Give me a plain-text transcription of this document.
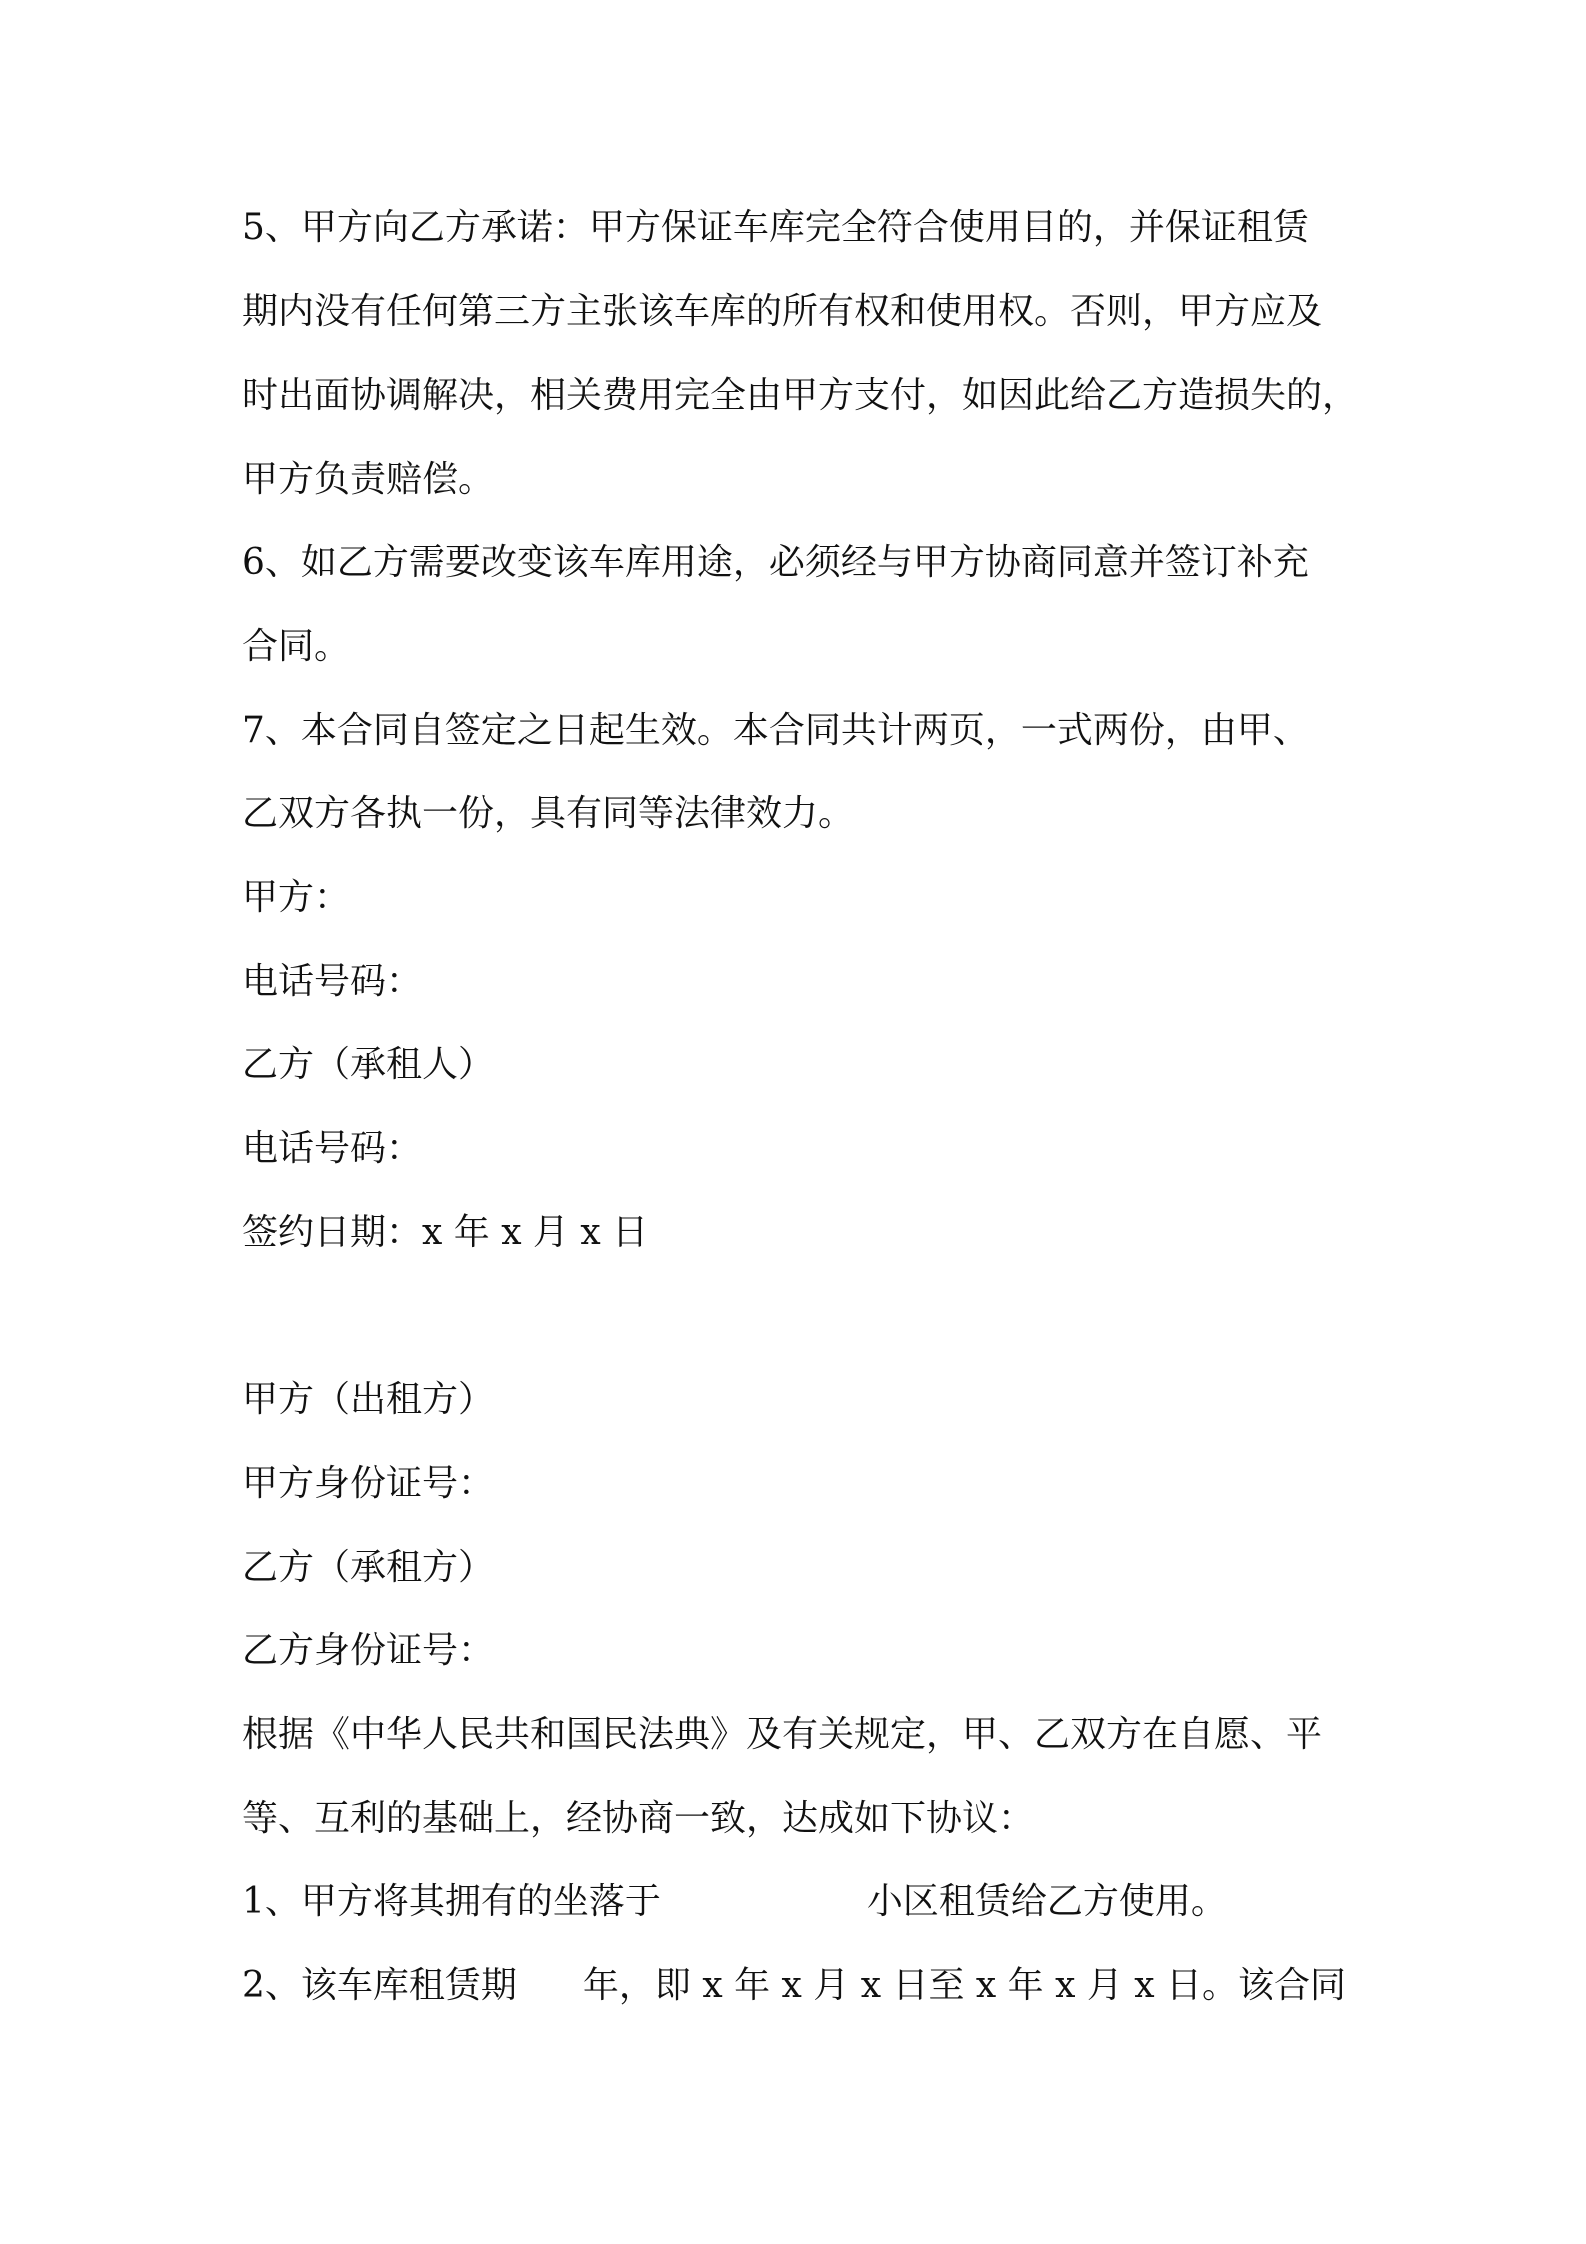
5、甲方向乙方承诺：甲方保证车库完全符合使用目的，并保证租赁
期内没有任何第三方主张该车库的所有权和使用权。否则，甲方应及
时出面协调解决，相关费用完全由甲方支付，如因此给乙方造损失的，
甲方负责赔偿。
6、如乙方需要改变该车库用途，必须经与甲方协商同意并签订补充
合同。
7、本合同自签定之日起生效。本合同共计两页，一式两份，由甲、
乙双方各执一份，具有同等法律效力。
甲方：
电话号码：
乙方（承租人）
电话号码：
签约日期：x 年 x 月 x 日
甲方（出租方）
甲方身份证号：
乙方（承租方）
乙方身份证号：
根据《中华人民共和国民法典》及有关规定，甲、乙双方在自愿、平
等、互利的基础上，经协商一致，达成如下协议：
1、甲方将其拥有的坐落于	小区租赁给乙方使用。
2、该车库租赁期 年，即 x 年 x 月 x 日至 x 年 x 月 x 日。该合同
